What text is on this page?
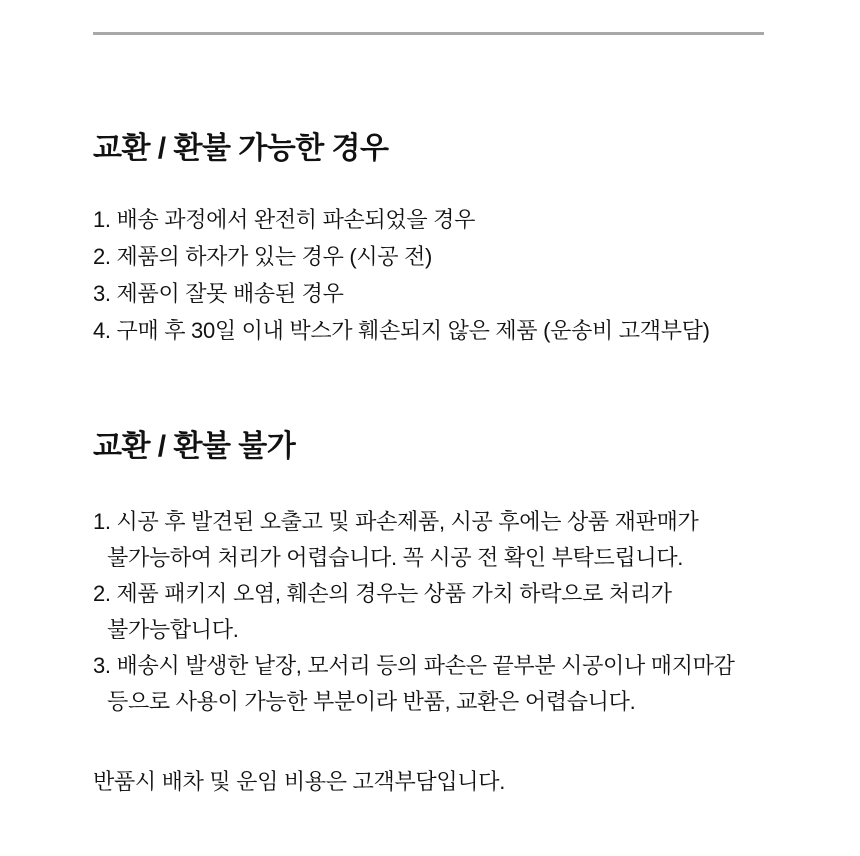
교환 / 환불 가능한 경우
1. 배송 과정에서 완전히 파손되었을 경우
2. 제품의 하자가 있는 경우 (시공 전)
3. 제품이 잘못 배송된 경우
4. 구매 후 30일 이내 박스가 훼손되지 않은 제품 (운송비 고객부담)
교환 / 환불 불가
1. 시공 후 발견된 오출고 및 파손제품, 시공 후에는 상품 재판매가
불가능하여 처리가 어렵습니다. 꼭 시공 전 확인 부탁드립니다.
2. 제품 패키지 오염, 훼손의 경우는 상품 가치 하락으로 처리가
불가능합니다.
3. 배송시 발생한 낱장, 모서리 등의 파손은 끝부분 시공이나 매지마감
등으로 사용이 가능한 부분이라 반품, 교환은 어렵습니다.

반품시 배차 및 운임 비용은 고객부담입니다.
